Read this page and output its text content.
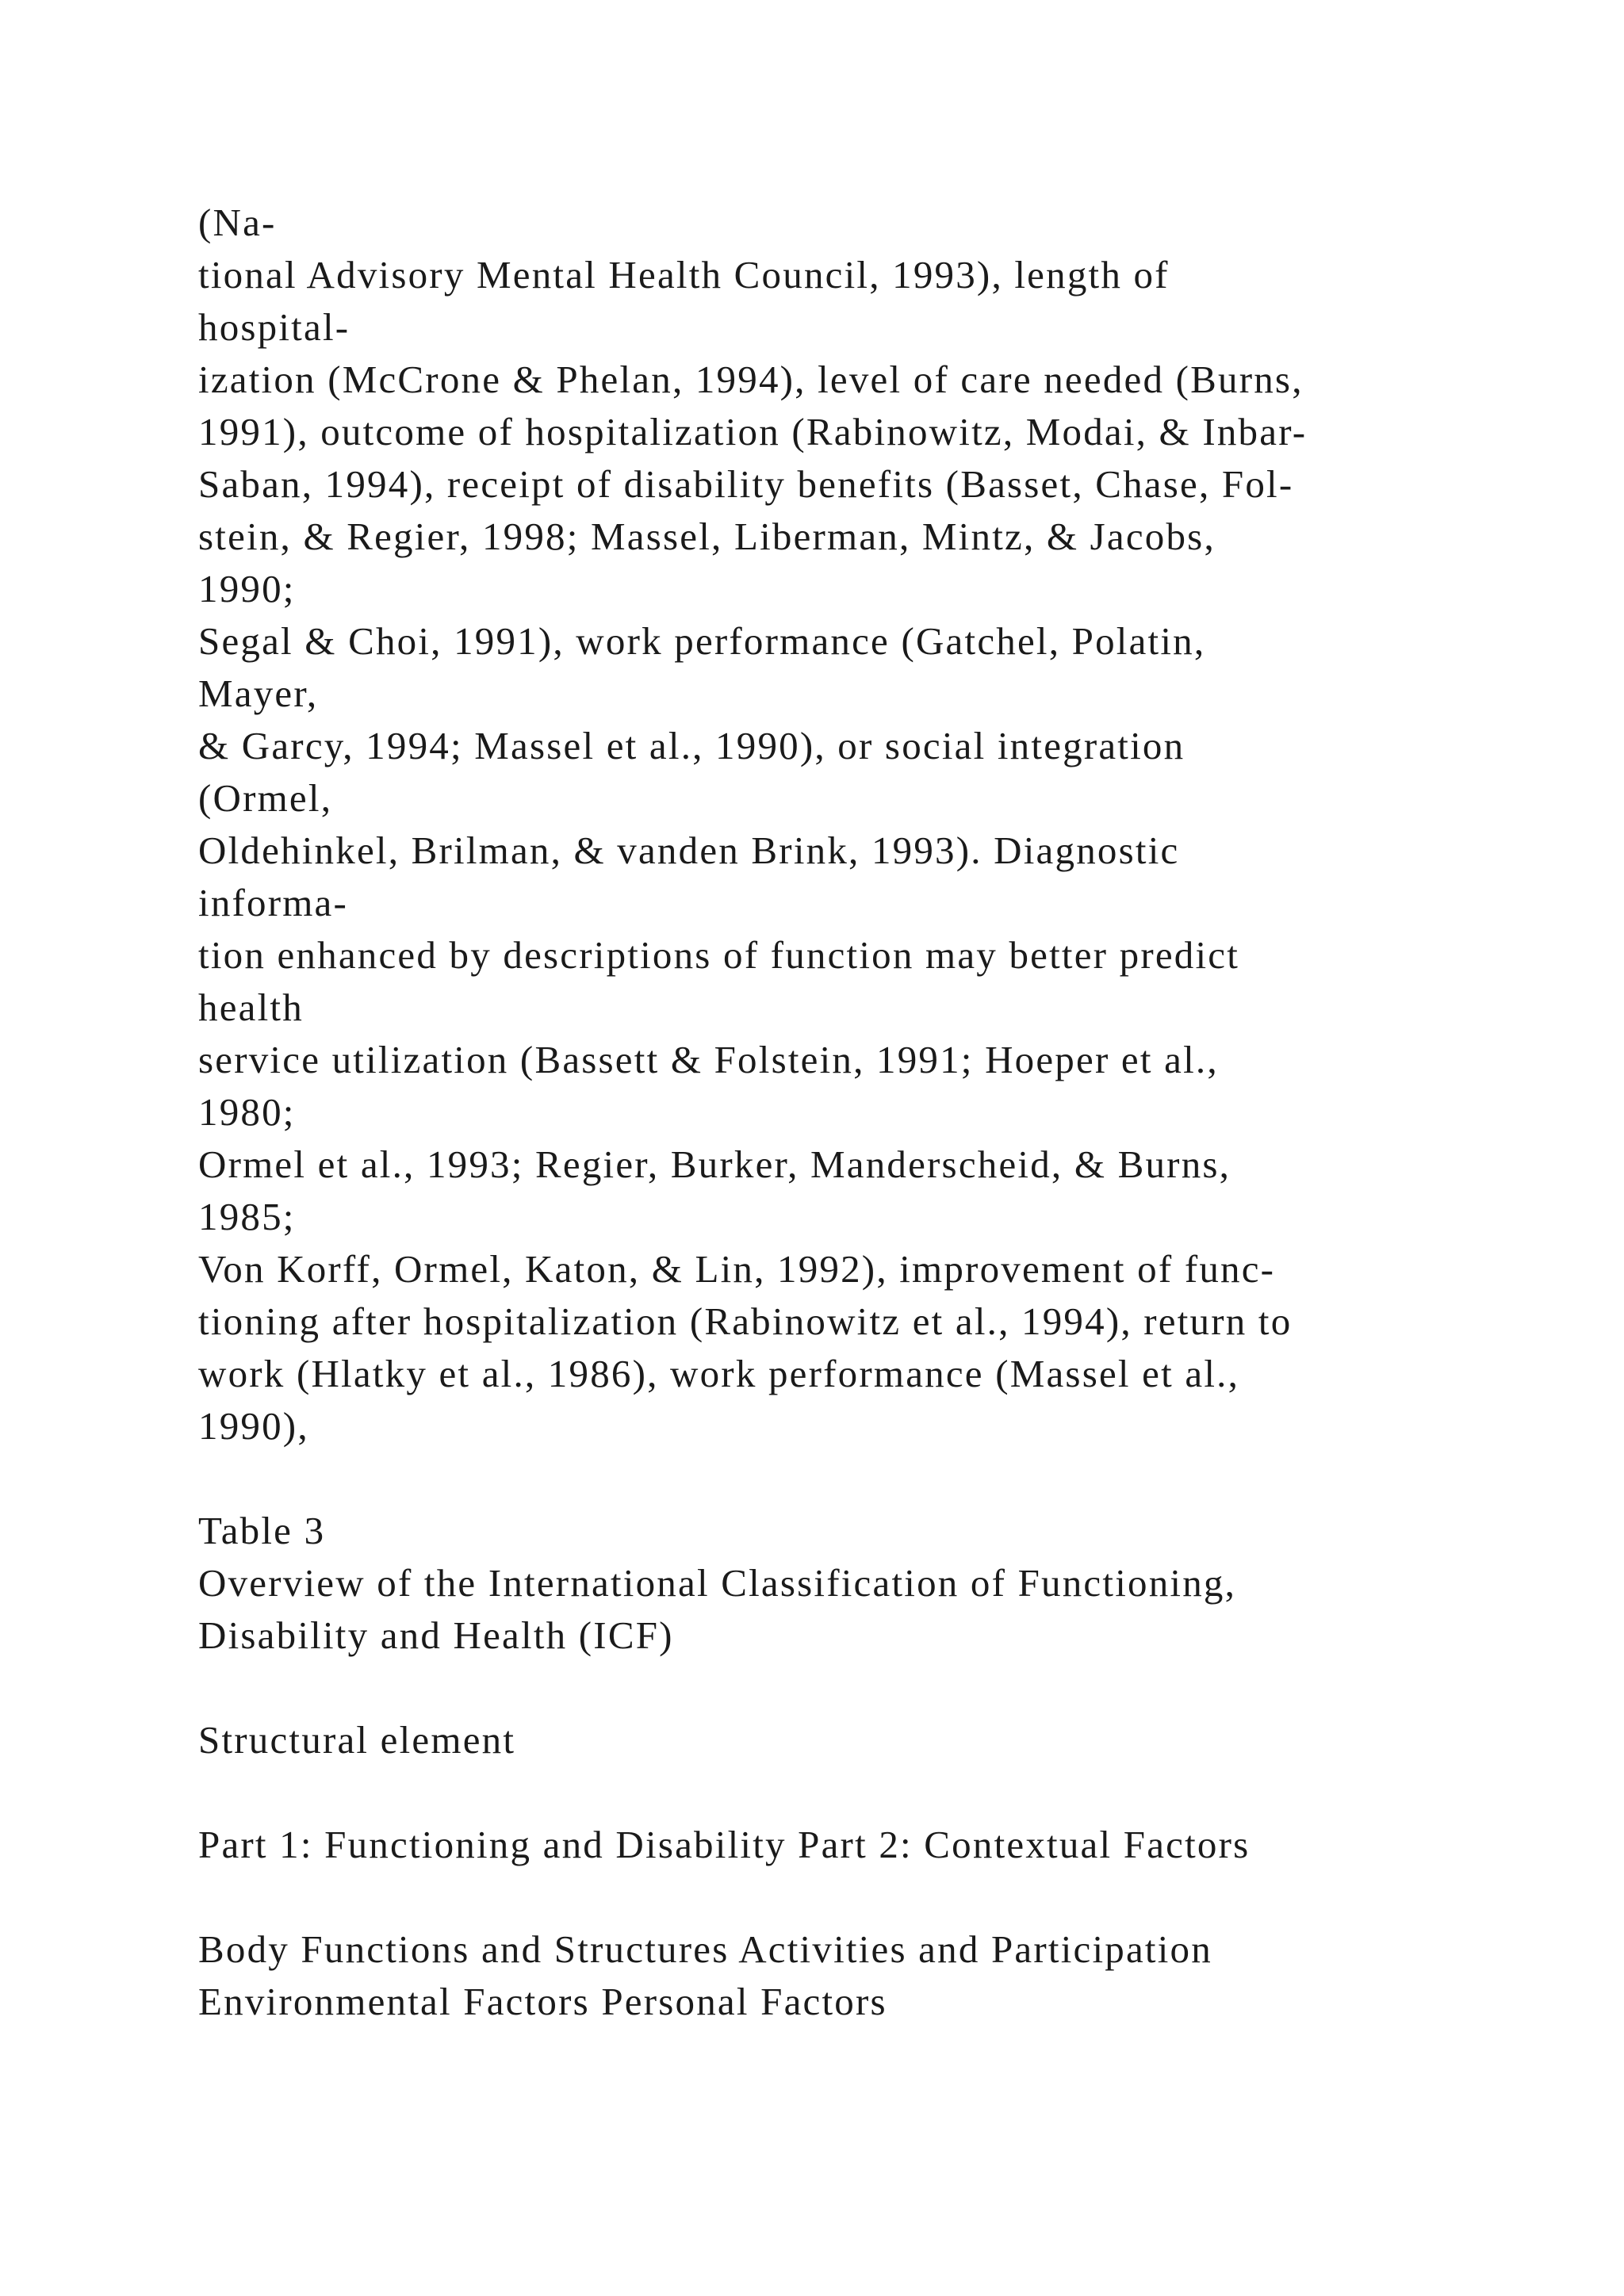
(Na-
tional Advisory Mental Health Council, 1993), length of
hospital-
ization (McCrone & Phelan, 1994), level of care needed (Burns,
1991), outcome of hospitalization (Rabinowitz, Modai, & Inbar-
Saban, 1994), receipt of disability benefits (Basset, Chase, Fol-
stein, & Regier, 1998; Massel, Liberman, Mintz, & Jacobs,
1990;
Segal & Choi, 1991), work performance (Gatchel, Polatin,
Mayer,
& Garcy, 1994; Massel et al., 1990), or social integration
(Ormel,
Oldehinkel, Brilman, & vanden Brink, 1993). Diagnostic
informa-
tion enhanced by descriptions of function may better predict
health
service utilization (Bassett & Folstein, 1991; Hoeper et al.,
1980;
Ormel et al., 1993; Regier, Burker, Manderscheid, & Burns,
1985;
Von Korff, Ormel, Katon, & Lin, 1992), improvement of func-
tioning after hospitalization (Rabinowitz et al., 1994), return to
work (Hlatky et al., 1986), work performance (Massel et al.,
1990),
Table 3
Overview of the International Classification of Functioning,
Disability and Health (ICF)
Structural element
Part 1: Functioning and Disability Part 2: Contextual Factors
Body Functions and Structures Activities and Participation
Environmental Factors Personal Factors
